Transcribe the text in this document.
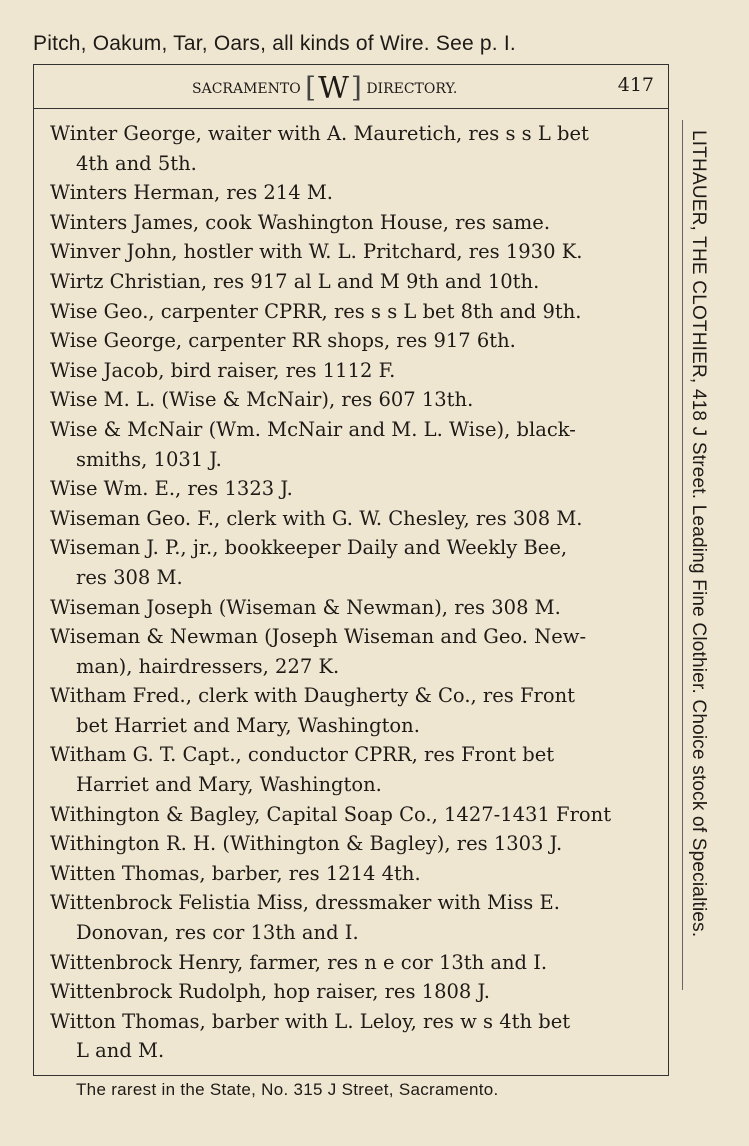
Pitch, Oakum, Tar, Oars, all kinds of Wire. See p. I.
SACRAMENTO [W] DIRECTORY.	417
Winter George, waiter with A. Mauretich, res s s L bet
4th and 5th.
Winters Herman, res 214 M.
Winters James, cook Washington House, res same.
Winver John, hostler with W. L. Pritchard, res 1930 K.
Wirtz Christian, res 917 al L and M 9th and 10th.
Wise Geo., carpenter CPRR, res s s L bet 8th and 9th.
Wise George, carpenter RR shops, res 917 6th.
Wise Jacob, bird raiser, res 1112 F.
Wise M. L. (Wise & McNair), res 607 13th.
Wise & McNair (Wm. McNair and M. L. Wise), black-
smiths, 1031 J.
Wise Wm. E., res 1323 J.
Wiseman Geo. F., clerk with G. W. Chesley, res 308 M.
Wiseman J. P., jr., bookkeeper Daily and Weekly Bee,
res 308 M.
Wiseman Joseph (Wiseman & Newman), res 308 M.
Wiseman & Newman (Joseph Wiseman and Geo. New-
man), hairdressers, 227 K.
Witham Fred., clerk with Daugherty & Co., res Front
bet Harriet and Mary, Washington.
Witham G. T. Capt., conductor CPRR, res Front bet
Harriet and Mary, Washington.
Withington & Bagley, Capital Soap Co., 1427-1431 Front
Withington R. H. (Withington & Bagley), res 1303 J.
Witten Thomas, barber, res 1214 4th.
Wittenbrock Felistia Miss, dressmaker with Miss E.
Donovan, res cor 13th and I.
Wittenbrock Henry, farmer, res n e cor 13th and I.
Wittenbrock Rudolph, hop raiser, res 1808 J.
Witton Thomas, barber with L. Leloy, res w s 4th bet
L and M.
LITHAUER, THE CLOTHIER, 418 J Street. Leading Fine Clothier. Choice stock of Specialties.
The rarest in the State, No. 315 J Street, Sacramento.
